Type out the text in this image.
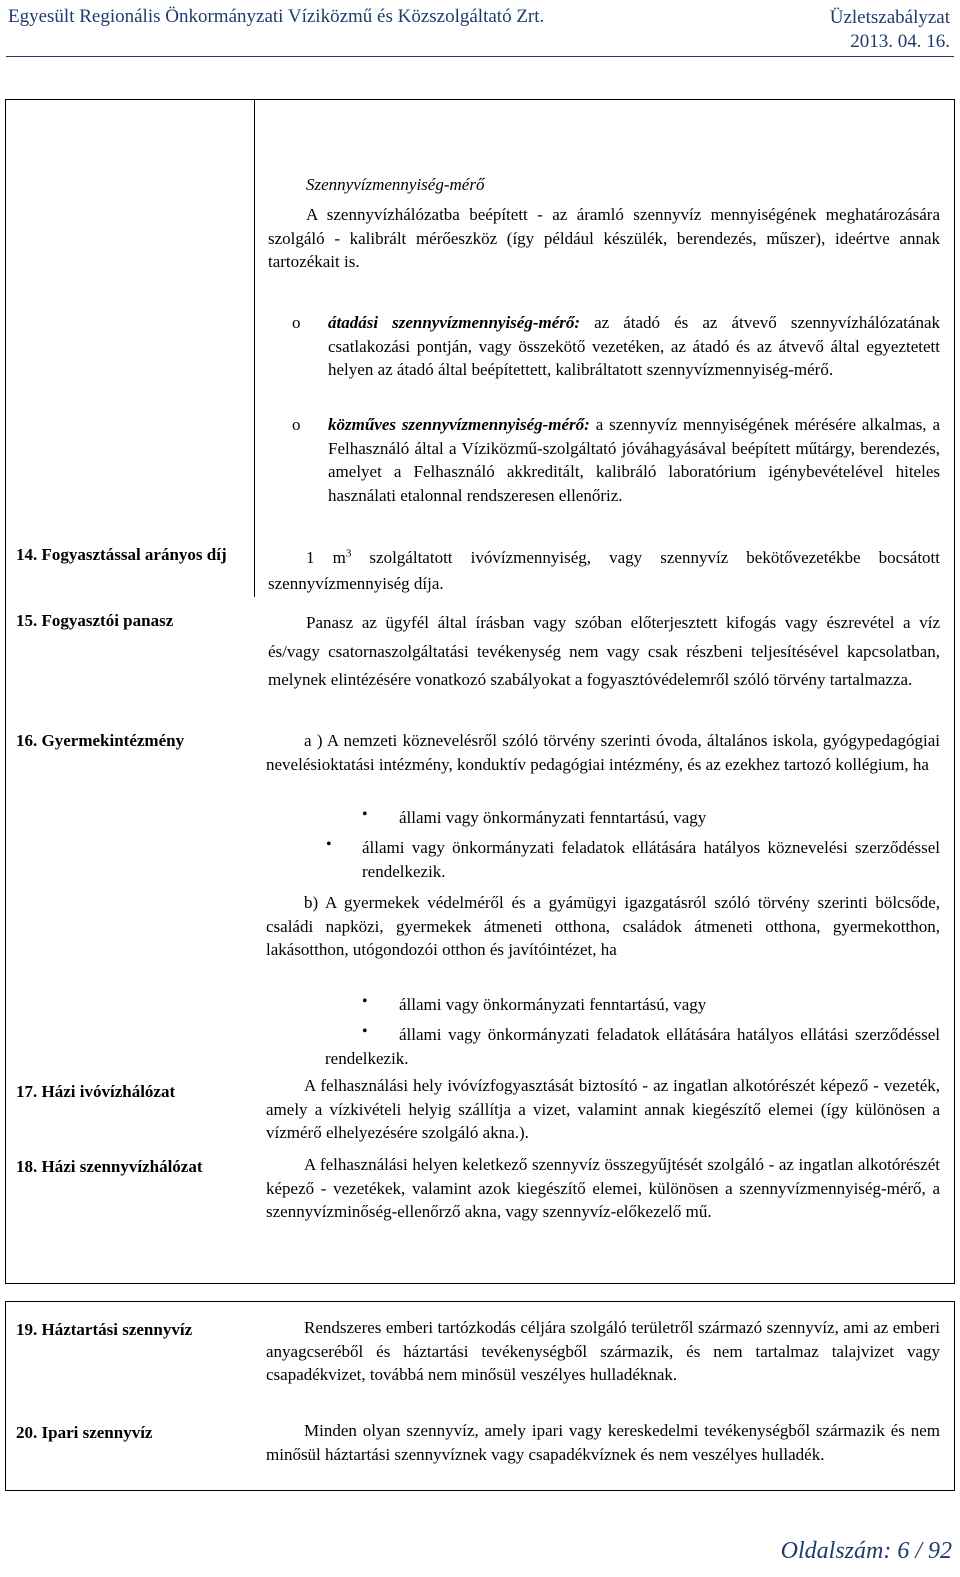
Egyesült Regionális Önkormányzati Víziközmű és Közszolgáltató Zrt.	Üzletszabályzat
2013. 04. 16.
Szennyvízmennyiség-mérő
A szennyvízhálózatba beépített - az áramló szennyvíz mennyiségének meghatározására szolgáló - kalibrált mérőeszköz (így például készülék, berendezés, műszer), ideértve annak tartozékait is.
o átadási szennyvízmennyiség-mérő: az átadó és az átvevő szennyvízhálózatának csatlakozási pontján, vagy összekötő vezetéken, az átadó és az átvevő által egyeztetett helyen az átadó által beépítettett, kalibráltatott szennyvízmennyiség-mérő.
o közműves szennyvízmennyiség-mérő: a szennyvíz mennyiségének mérésére alkalmas, a Felhasználó által a Víziközmű-szolgáltató jóváhagyásával beépített műtárgy, berendezés, amelyet a Felhasználó akkreditált, kalibráló laboratórium igénybevételével hiteles használati etalonnal rendszeresen ellenőriz.
14. Fogyasztással arányos díj	1 $m^3$ szolgáltatott ivóvízmennyiség, vagy szennyvíz bekötővezetékbe bocsátott szennyvízmennyiség díja.
15. Fogyasztói panasz	Panasz az ügyfél által írásban vagy szóban előterjesztett kifogás vagy észrevétel a víz és/vagy csatornaszolgáltatási tevékenység nem vagy csak részbeni teljesítésével kapcsolatban, melynek elintézésére vonatkozó szabályokat a fogyasztóvédelemről szóló törvény tartalmazza.
16. Gyermekintézmény	a ) A nemzeti köznevelésről szóló törvény szerinti óvoda, általános iskola, gyógypedagógiai nevelésioktatási intézmény, konduktív pedagógiai intézmény, és az ezekhez tartozó kollégium, ha
• állami vagy önkormányzati fenntartású, vagy
• állami vagy önkormányzati feladatok ellátására hatályos köznevelési szerződéssel rendelkezik.
b) A gyermekek védelméről és a gyámügyi igazgatásról szóló törvény szerinti bölcsőde, családi napközi, gyermekek átmeneti otthona, családok átmeneti otthona, gyermekotthon, lakásotthon, utógondozói otthon és javítóintézet, ha
• állami vagy önkormányzati fenntartású, vagy
•	állami vagy önkormányzati feladatok ellátására hatályos ellátási szerződéssel rendelkezik.
17. Házi ivóvízhálózat	A felhasználási hely ivóvízfogyasztását biztosító - az ingatlan alkotórészét képező - vezeték, amely a vízkivételi helyig szállítja a vizet, valamint annak kiegészítő elemei (így különösen a vízmérő elhelyezésére szolgáló akna.).
18. Házi szennyvízhálózat	A felhasználási helyen keletkező szennyvíz összegyűjtését szolgáló - az ingatlan alkotórészét képező - vezetékek, valamint azok kiegészítő elemei, különösen a szennyvízmennyiség-mérő, a szennyvízminőség-ellenőrző akna, vagy szennyvíz-előkezelő mű.
19. Háztartási szennyvíz	Rendszeres emberi tartózkodás céljára szolgáló területről származó szennyvíz, ami az emberi anyagcseréből és háztartási tevékenységből származik, és nem tartalmaz talajvizet vagy csapadékvizet, továbbá nem minősül veszélyes hulladéknak.
20. Ipari szennyvíz	Minden olyan szennyvíz, amely ipari vagy kereskedelmi tevékenységből származik és nem minősül háztartási szennyvíznek vagy csapadékvíznek és nem veszélyes hulladék.
Oldalszám: 6 / 92
